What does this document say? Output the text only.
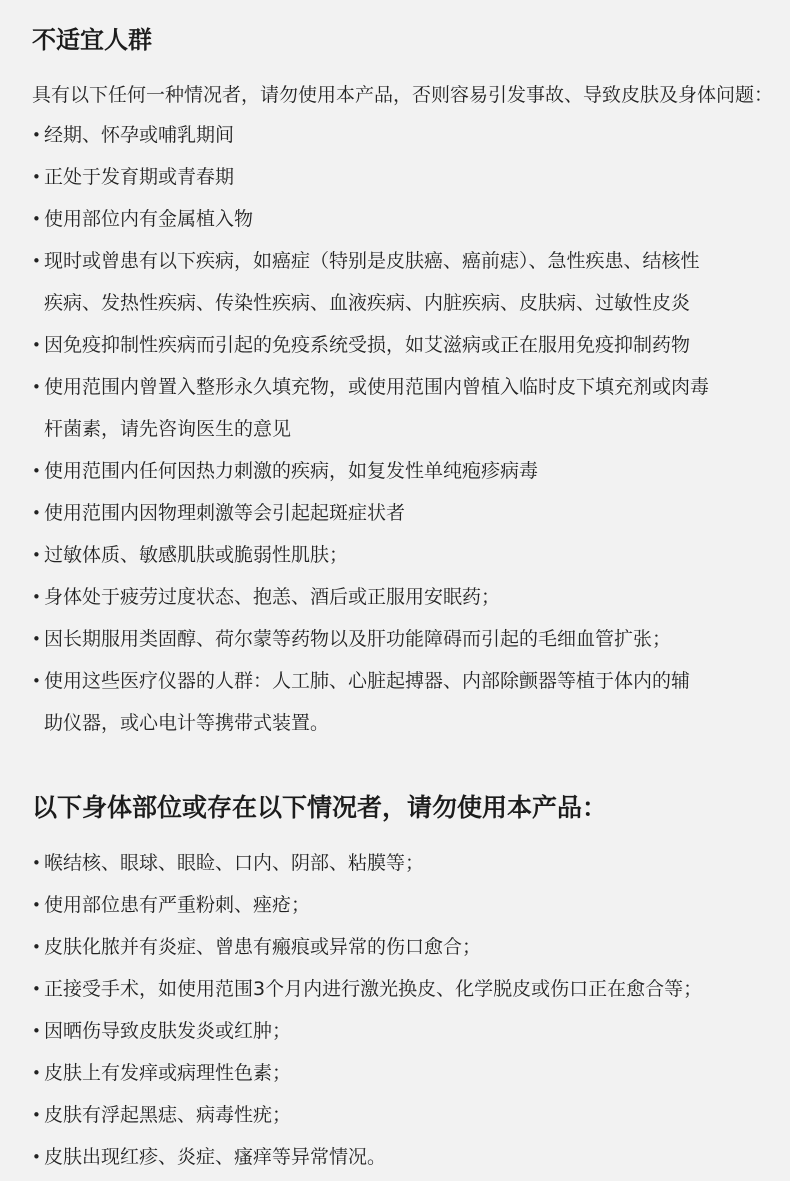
不适宜人群
具有以下任何一种情况者，请勿使用本产品，否则容易引发事故、导致皮肤及身体问题：
• 经期、怀孕或哺乳期间
• 正处于发育期或青春期
• 使用部位内有金属植入物
• 现时或曾患有以下疾病，如癌症（特别是皮肤癌、癌前痣）、急性疾患、结核性
疾病、发热性疾病、传染性疾病、血液疾病、内脏疾病、皮肤病、过敏性皮炎
• 因免疫抑制性疾病而引起的免疫系统受损，如艾滋病或正在服用免疫抑制药物
• 使用范围内曾置入整形永久填充物，或使用范围内曾植入临时皮下填充剂或肉毒
杆菌素，请先咨询医生的意见
• 使用范围内任何因热力刺激的疾病，如复发性单纯疱疹病毒
• 使用范围内因物理刺激等会引起起斑症状者
• 过敏体质、敏感肌肤或脆弱性肌肤；
• 身体处于疲劳过度状态、抱恙、酒后或正服用安眠药；
• 因长期服用类固醇、荷尔蒙等药物以及肝功能障碍而引起的毛细血管扩张；
• 使用这些医疗仪器的人群：人工肺、心脏起搏器、内部除颤器等植于体内的辅
助仪器，或心电计等携带式装置。
以下身体部位或存在以下情况者，请勿使用本产品：
• 喉结核、眼球、眼睑、口内、阴部、粘膜等；
• 使用部位患有严重粉刺、痤疮；
• 皮肤化脓并有炎症、曾患有瘢痕或异常的伤口愈合；
• 正接受手术，如使用范围3个月内进行激光换皮、化学脱皮或伤口正在愈合等；
• 因晒伤导致皮肤发炎或红肿；
• 皮肤上有发痒或病理性色素；
• 皮肤有浮起黑痣、病毒性疣；
• 皮肤出现红疹、炎症、瘙痒等异常情况。
